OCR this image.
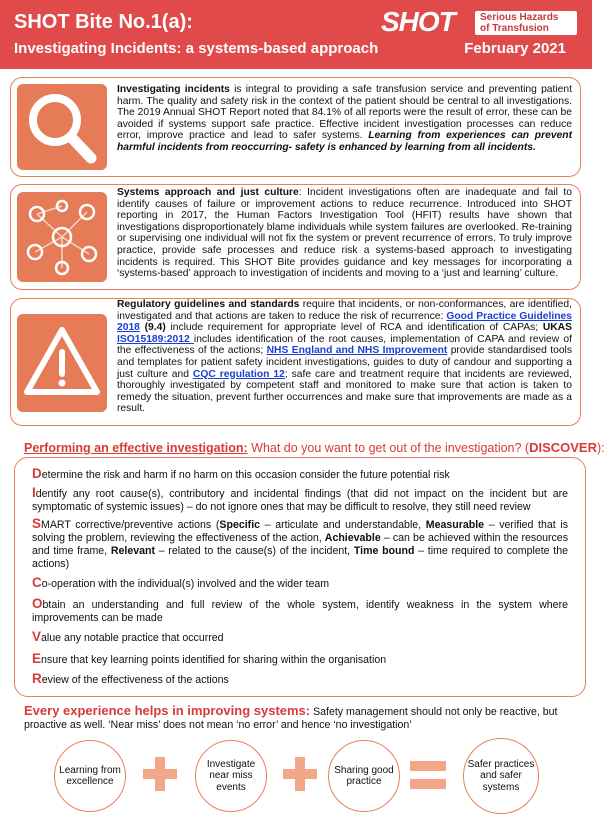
SHOT Bite No.1(a):
Investigating Incidents: a systems-based approach	February 2021
SHOT	Serious Hazards
of Transfusion
Investigating incidents is integral to providing a safe transfusion service and preventing patient harm. The quality and safety risk in the context of the patient should be central to all investigations. The 2019 Annual SHOT Report noted that 84.1% of all reports were the result of error, these can be avoided if systems support safe practice. Effective incident investigation processes can reduce error, improve practice and lead to safer systems. Learning from experiences can prevent harmful incidents from reoccurring- safety is enhanced by learning from all incidents.
Systems approach and just culture: Incident investigations often are inadequate and fail to identify causes of failure or improvement actions to reduce recurrence. Introduced into SHOT reporting in 2017, the Human Factors Investigation Tool (HFIT) results have shown that investigations disproportionately blame individuals while system failures are overlooked. Re-training or supervising one individual will not fix the system or prevent recurrence of errors. To truly improve practice, provide safe processes and reduce risk a systems-based approach to investigating incidents is required. This SHOT Bite provides guidance and key messages for incorporating a ‘systems-based’ approach to investigation of incidents and moving to a ‘just and learning’ culture.
Regulatory guidelines and standards require that incidents, or non-conformances, are identified, investigated and that actions are taken to reduce the risk of recurrence: Good Practice Guidelines 2018 (9.4) include requirement for appropriate level of RCA and identification of CAPAs; UKAS ISO15189:2012 includes identification of the root causes, implementation of CAPA and review of the effectiveness of the actions; NHS England and NHS Improvement provide standardised tools and templates for patient safety incident investigations, guides to duty of candour and supporting a just culture and CQC regulation 12; safe care and treatment require that incidents are reviewed, thoroughly investigated by competent staff and monitored to make sure that action is taken to remedy the situation, prevent further occurrences and make sure that improvements are made as a result.
Performing an effective investigation: What do you want to get out of the investigation? (DISCOVER):
Determine the risk and harm if no harm on this occasion consider the future potential risk
Identify any root cause(s), contributory and incidental findings (that did not impact on the incident but are symptomatic of systemic issues) – do not ignore ones that may be difficult to resolve, they still need review
SMART corrective/preventive actions (Specific – articulate and understandable, Measurable – verified that is solving the problem, reviewing the effectiveness of the action, Achievable – can be achieved within the resources and time frame, Relevant – related to the cause(s) of the incident, Time bound – time required to complete the actions)
Co-operation with the individual(s) involved and the wider team
Obtain an understanding and full review of the whole system, identify weakness in the system where improvements can be made
Value any notable practice that occurred
Ensure that key learning points identified for sharing within the organisation
Review of the effectiveness of the actions
Every experience helps in improving systems: Safety management should not only be reactive, but proactive as well. ‘Near miss’ does not mean ‘no error’ and hence ‘no investigation’
Learning from excellence
Investigate near miss events
Sharing good practice
Safer practices and safer systems
